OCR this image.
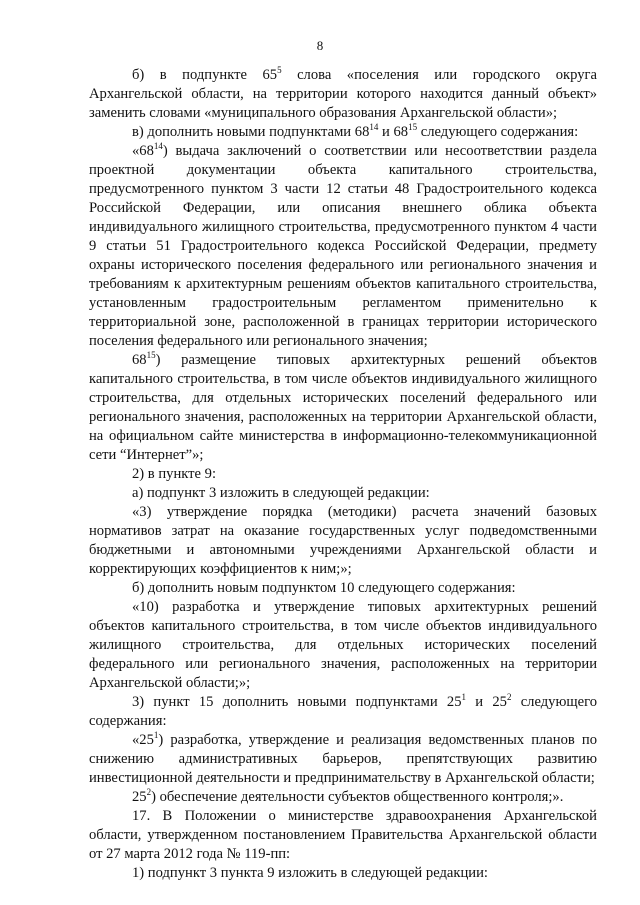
8

б) в подпункте $65^5$ слова «поселения или городского округа Архангельской области, на территории которого находится данный объект» заменить словами «муниципального образования Архангельской области»;

в) дополнить новыми подпунктами $68^{14}$ и $68^{15}$ следующего содержания:

«$68^{14}$) выдача заключений о соответствии или несоответствии раздела проектной документации объекта капитального строительства, предусмотренного пунктом 3 части 12 статьи 48 Градостроительного кодекса Российской Федерации, или описания внешнего облика объекта индивидуального жилищного строительства, предусмотренного пунктом 4 части 9 статьи 51 Градостроительного кодекса Российской Федерации, предмету охраны исторического поселения федерального или регионального значения и требованиям к архитектурным решениям объектов капитального строительства, установленным градостроительным регламентом применительно к территориальной зоне, расположенной в границах территории исторического поселения федерального или регионального значения;

$68^{15}$) размещение типовых архитектурных решений объектов капитального строительства, в том числе объектов индивидуального жилищного строительства, для отдельных исторических поселений федерального или регионального значения, расположенных на территории Архангельской области, на официальном сайте министерства в информационно-телекоммуникационной сети “Интернет”»;

2) в пункте 9:

а) подпункт 3 изложить в следующей редакции:

«3) утверждение порядка (методики) расчета значений базовых нормативов затрат на оказание государственных услуг подведомственными бюджетными и автономными учреждениями Архангельской области и корректирующих коэффициентов к ним;»;

б) дополнить новым подпунктом 10 следующего содержания:

«10) разработка и утверждение типовых архитектурных решений объектов капитального строительства, в том числе объектов индивидуального жилищного строительства, для отдельных исторических поселений федерального или регионального значения, расположенных на территории Архангельской области;»;

3) пункт 15 дополнить новыми подпунктами $25^1$ и $25^2$ следующего содержания:

«$25^1$) разработка, утверждение и реализация ведомственных планов по снижению административных барьеров, препятствующих развитию инвестиционной деятельности и предпринимательству в Архангельской области;

$25^2$) обеспечение деятельности субъектов общественного контроля;».

17. В Положении о министерстве здравоохранения Архангельской области, утвержденном постановлением Правительства Архангельской области от 27 марта 2012 года № 119-пп:

1) подпункт 3 пункта 9 изложить в следующей редакции:
